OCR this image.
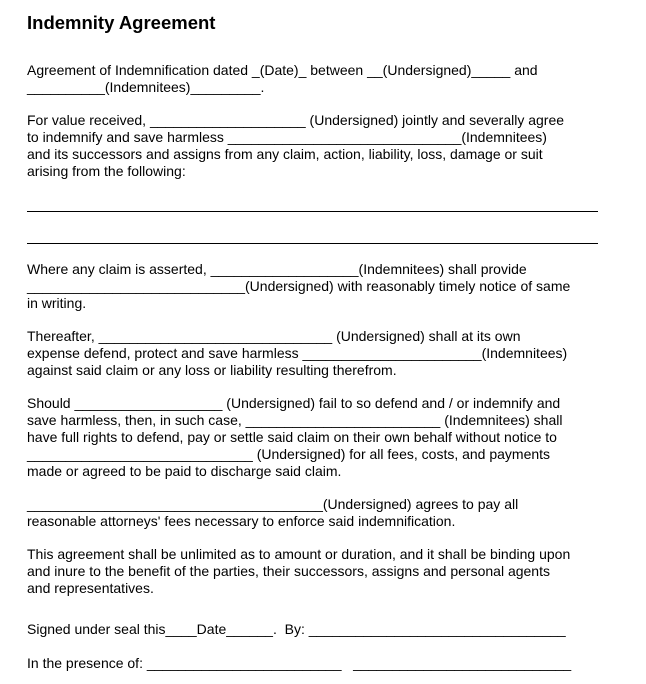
Indemnity Agreement
Agreement of Indemnification dated _(Date)_ between __(Undersigned)_____ and
__________(Indemnitees)_________.
For value received, ____________________ (Undersigned) jointly and severally agree
to indemnify and save harmless ______________________________(Indemnitees)
and its successors and assigns from any claim, action, liability, loss, damage or suit
arising from the following:
Where any claim is asserted, ___________________(Indemnitees) shall provide
____________________________(Undersigned) with reasonably timely notice of same
in writing.
Thereafter, ______________________________ (Undersigned) shall at its own
expense defend, protect and save harmless _______________________(Indemnitees)
against said claim or any loss or liability resulting therefrom.
Should ___________________ (Undersigned) fail to so defend and / or indemnify and
save harmless, then, in such case, _________________________ (Indemnitees) shall
have full rights to defend, pay or settle said claim on their own behalf without notice to
_____________________________ (Undersigned) for all fees, costs, and payments
made or agreed to be paid to discharge said claim.
______________________________________(Undersigned) agrees to pay all
reasonable attorneys' fees necessary to enforce said indemnification.
This agreement shall be unlimited as to amount or duration, and it shall be binding upon
and inure to the benefit of the parties, their successors, assigns and personal agents
and representatives.
Signed under seal this____Date______.  By: _________________________________
In the presence of: _________________________   ____________________________
